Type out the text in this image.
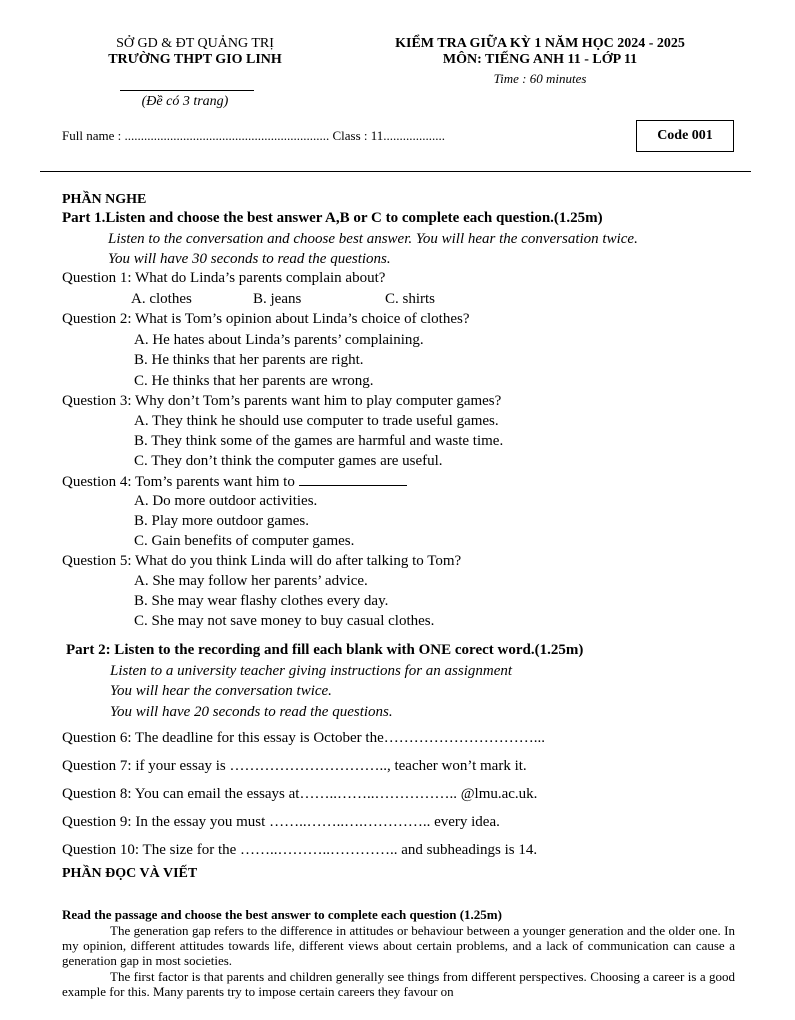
SỞ GD & ĐT QUẢNG TRỊ
TRƯỜNG THPT GIO LINH
(Đề có 3 trang)
KIỂM TRA GIỮA KỲ 1 NĂM HỌC 2024 - 2025
MÔN: TIẾNG ANH 11 - LỚP 11
Time : 60 minutes
Full name : ............................................................... Class : 11...................	Code 001
PHẦN NGHE
Part 1.Listen and choose the best answer A,B or C to complete each question.(1.25m)
Listen to the conversation and choose best answer. You will hear the conversation twice.
You will have 30 seconds to read the questions.
Question 1: What do Linda’s parents complain about?
A. clothes	B. jeans	C. shirts
Question 2: What is Tom’s opinion about Linda’s choice of clothes?
A. He hates about Linda’s parents’ complaining.
B. He thinks that her parents are right.
C. He thinks that her parents are wrong.
Question 3: Why don’t Tom’s parents want him to play computer games?
A. They think he should use computer to trade useful games.
B. They think some of the games are harmful and waste time.
C. They don’t think the computer games are useful.
Question 4: Tom’s parents want him to
A. Do more outdoor activities.
B. Play more outdoor games.
C. Gain benefits of computer games.
Question 5: What do you think Linda will do after talking to Tom?
A. She may follow her parents’ advice.
B. She may wear flashy clothes every day.
C. She may not save money to buy casual clothes.
Part 2: Listen to the recording and fill each blank with ONE corect word.(1.25m)
Listen to a university teacher giving instructions for an assignment
You will hear the conversation twice.
You will have 20 seconds to read the questions.
Question 6: The deadline for this essay is October the…………………………...
Question 7: if your essay is ………………………….., teacher won’t mark it.
Question 8: You can email the essays at……..……..…………….. @lmu.ac.uk.
Question 9: In the essay you must ……..……..….………….. every idea.
Question 10: The size for the ……..………..………….. and subheadings is 14.
PHẦN ĐỌC VÀ VIẾT
Read the passage and choose the best answer to complete each question (1.25m)

The generation gap refers to the difference in attitudes or behaviour between a younger generation and the older one. In my opinion, different attitudes towards life, different views about certain problems, and a lack of communication can cause a generation gap in most societies.

The first factor is that parents and children generally see things from different perspectives. Choosing a career is a good example for this. Many parents try to impose certain careers they favour on
